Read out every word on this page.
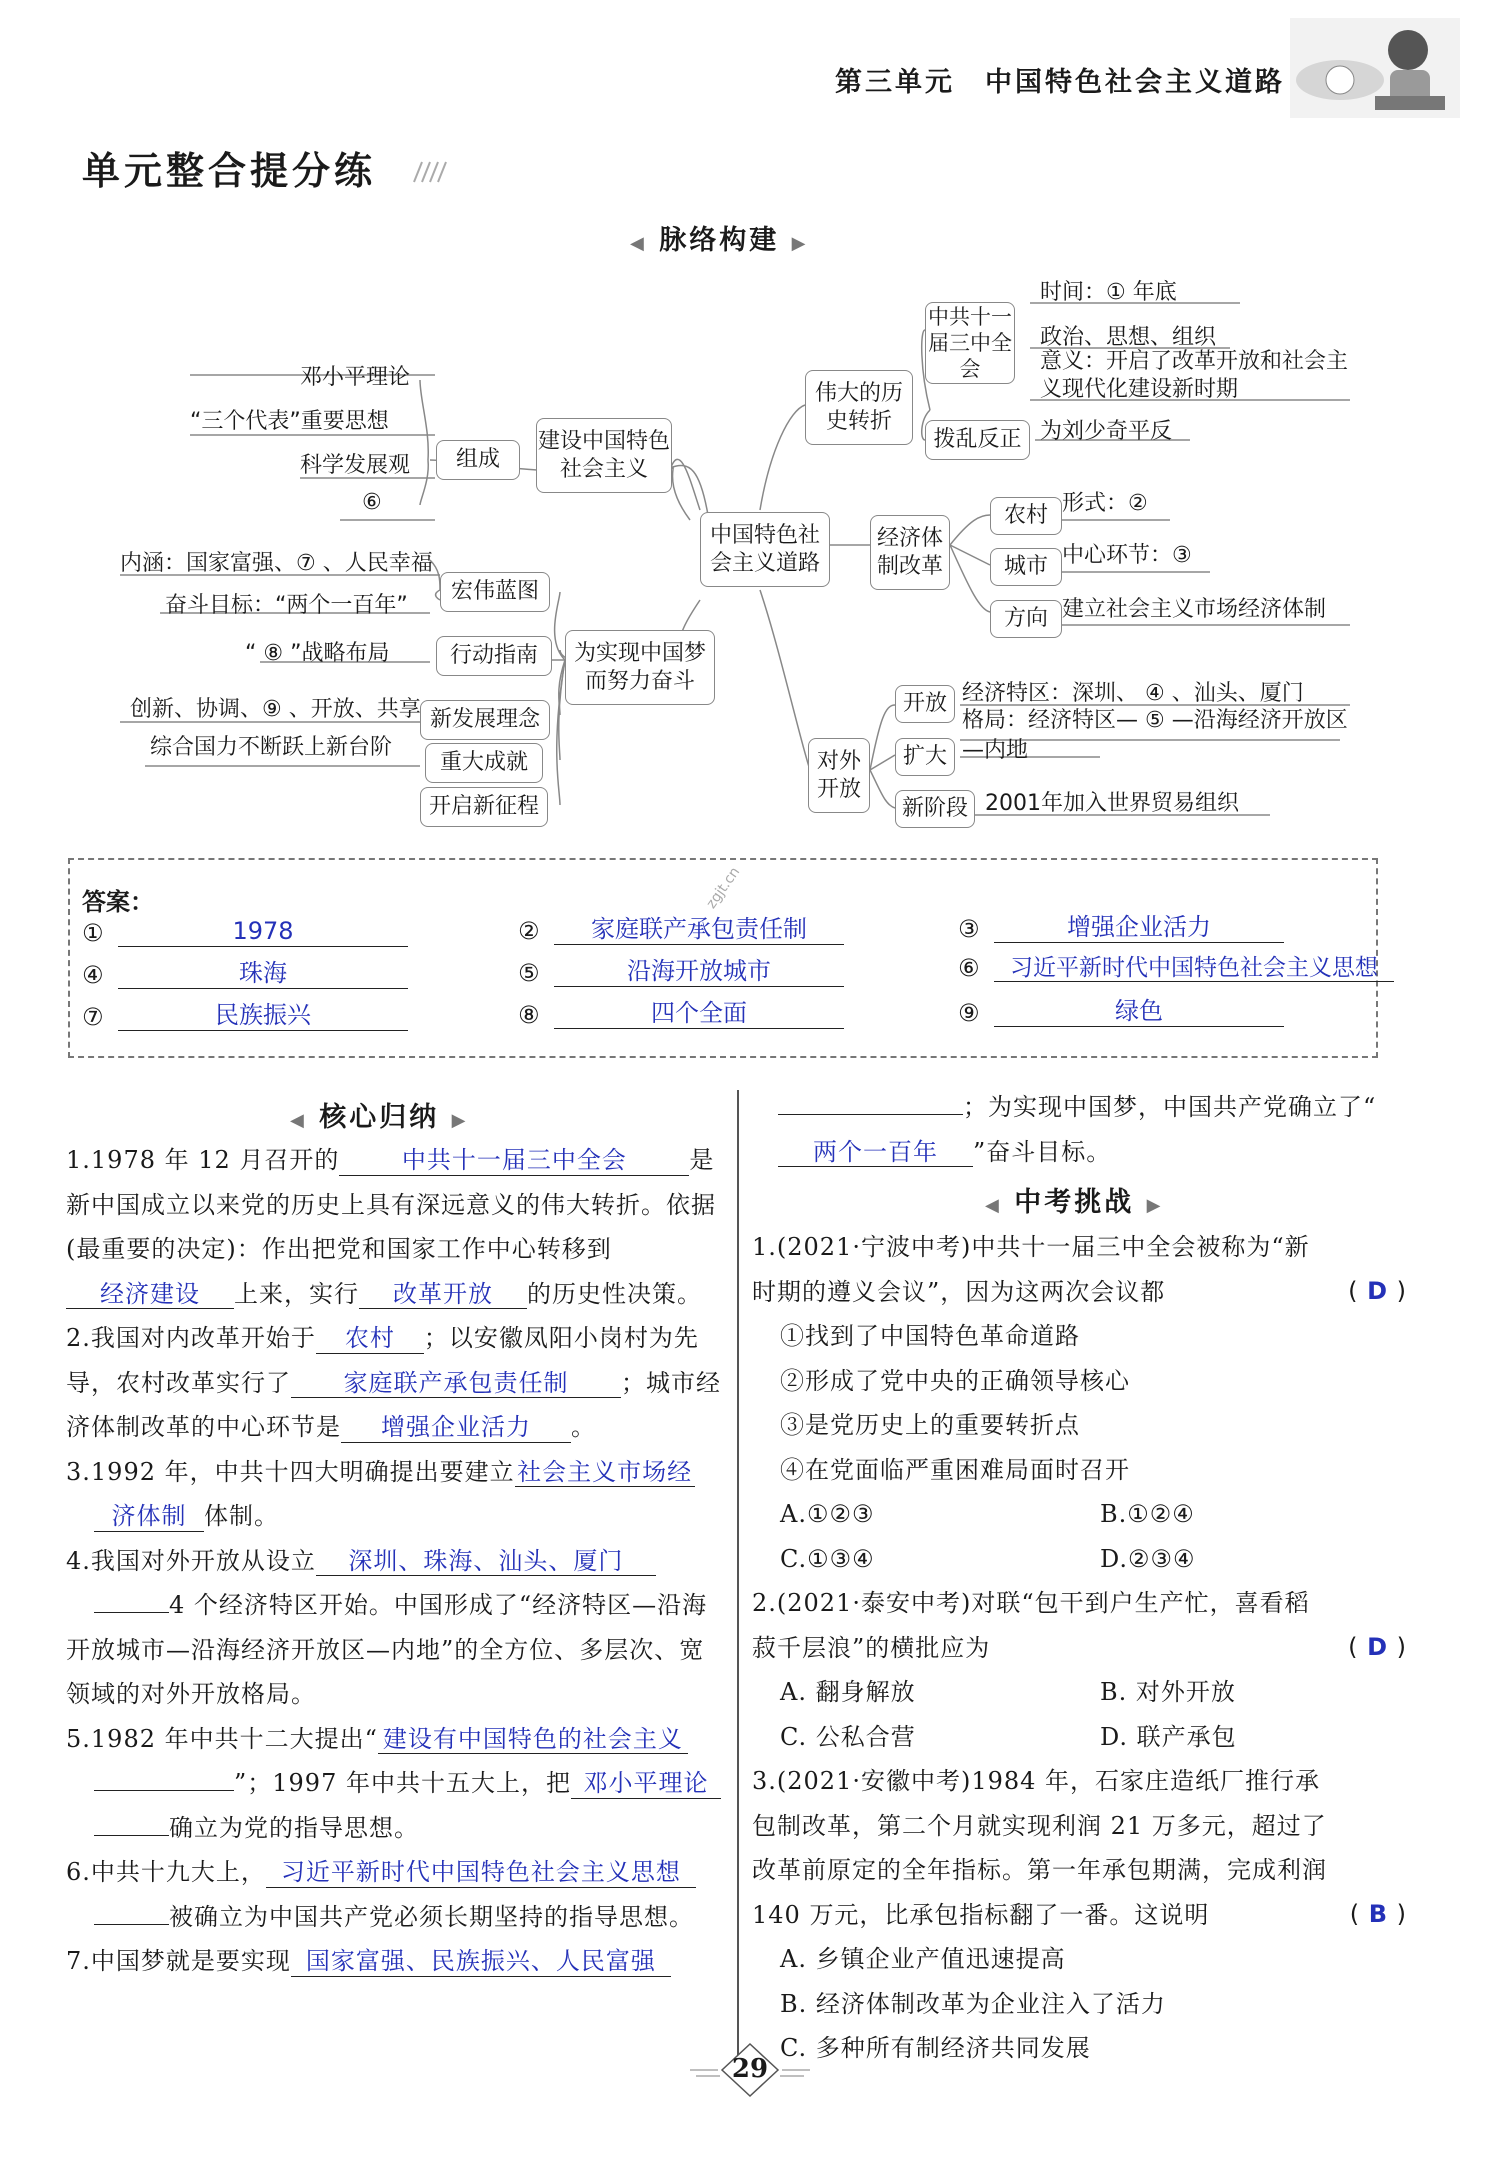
第三单元　中国特色社会主义道路
单元整合提分练
◀ 脉络构建 ▶
中国特色社会主义道路
建设中国特色社会主义
组成
邓小平理论
“三个代表”重要思想
科学发展观
⑥
为实现中国梦而努力奋斗
宏伟蓝图
行动指南
新发展理念
重大成就
开启新征程
内涵：国家富强、⑦ 、人民幸福
奋斗目标：“两个一百年”
“ ⑧ ”战略布局
创新、协调、⑨ 、开放、共享
综合国力不断跃上新台阶
伟大的历史转折
中共十一届三中全会
时间：① 年底
政治、思想、组织
意义：开启了改革开放和社会主义现代化建设新时期
拨乱反正 为刘少奇平反
经济体制改革
农村
城市
方向
形式：②
中心环节：③
建立社会主义市场经济体制
对外开放
开放
扩大
新阶段
经济特区：深圳、 ④ 、汕头、厦门
格局：经济特区— ⑤ —沿海经济开放区—内地
2001年加入世界贸易组织
答案：	zgjt.cn
①	1978	②	家庭联产承包责任制	③	增强企业活力
④	珠海	⑤	沿海开放城市	⑥	习近平新时代中国特色社会主义思想
⑦	民族振兴	⑧	四个全面	⑨	绿色
◀ 核心归纳 ▶

1.1978 年 12 月召开的	中共十一届三中全会	是新中国成立以来党的历史上具有深远意义的伟大转折。依据(最重要的决定)：作出把党和国家工作中心转移到经济建设 上来，实行 改革开放 的历史性决策。

2.我国对内改革开始于 农村 ；以安徽凤阳小岗村为先导，农村改革实行了 家庭联产承包责任制 ；城市经济体制改革的中心环节是 增强企业活力 。

3.1992 年，中共十四大明确提出要建立 社会主义市场经
济体制 体制。

4.我国对外开放从设立 深圳、珠海、汕头、厦门
4 个经济特区开始。中国形成了“经济特区—沿海开放城市—沿海经济开放区—内地”的全方位、多层次、宽领域的对外开放格局。

5.1982 年中共十二大提出“ 建设有中国特色的社会主义
”；1997 年中共十五大上，把 邓小平理论
确立为党的指导思想。

6.中共十九大上， 习近平新时代中国特色社会主义思想
被确立为中国共产党必须长期坚持的指导思想。

7.中国梦就是要实现 国家富强、民族振兴、人民富强

；为实现中国梦，中国共产党确立了“两个一百年 ”奋斗目标。

◀ 中考挑战 ▶

1.(2021·宁波中考)中共十一届三中全会被称为“新时期的遵义会议”，因为这两次会议都	( D )

①找到了中国特色革命道路

②形成了党中央的正确领导核心

③是党历史上的重要转折点

④在党面临严重困难局面时召开

A.①②③	B.①②④

C.①③④	D.②③④

2.(2021·泰安中考)对联“包干到户生产忙，喜看稻菽千层浪”的横批应为	( D )

A. 翻身解放	B. 对外开放

C. 公私合营	D. 联产承包

3.(2021·安徽中考)1984 年，石家庄造纸厂推行承包制改革，第二个月就实现利润 21 万多元，超过了改革前原定的全年指标。第一年承包期满，完成利润 140 万元，比承包指标翻了一番。这说明	( B )

A. 乡镇企业产值迅速提高

B. 经济体制改革为企业注入了活力

C. 多种所有制经济共同发展

29
